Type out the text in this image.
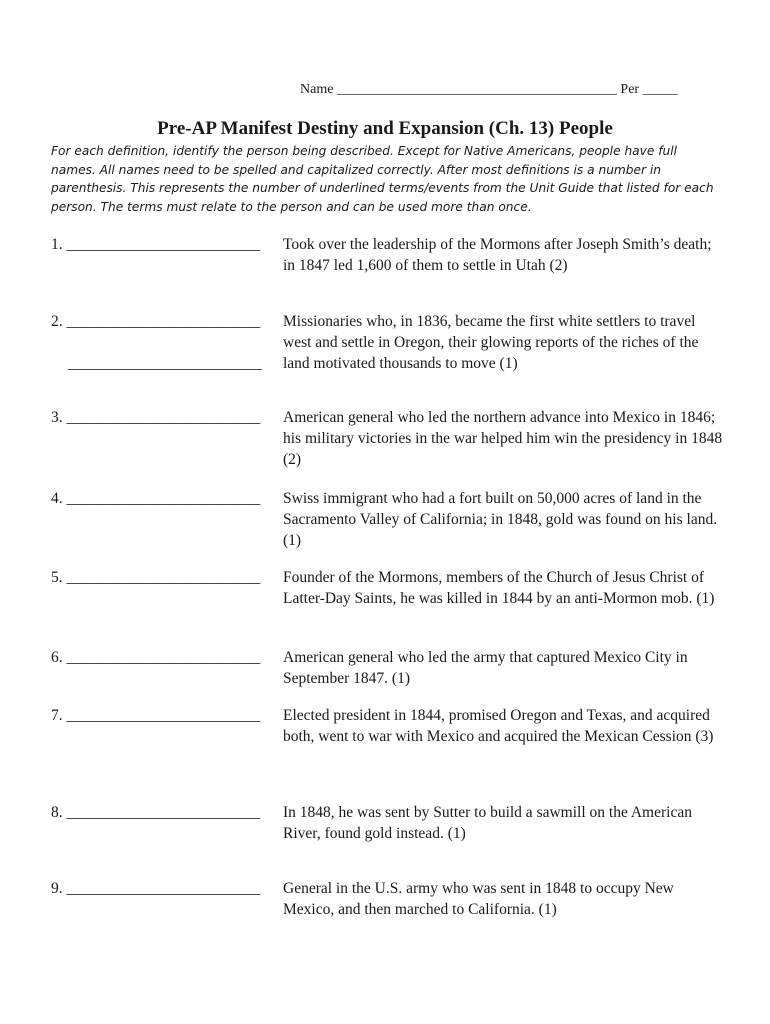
Name ________________________________________ Per _____
Pre-AP Manifest Destiny and Expansion (Ch. 13) People
For each definition, identify the person being described. Except for Native Americans, people have full names. All names need to be spelled and capitalized correctly. After most definitions is a number in parenthesis. This represents the number of underlined terms/events from the Unit Guide that listed for each person. The terms must relate to the person and can be used more than once.
1. _________________________ Took over the leadership of the Mormons after Joseph Smith’s death; in 1847 led 1,600 of them to settle in Utah (2)
2. _________________________
_________________________
Missionaries who, in 1836, became the first white settlers to travel west and settle in Oregon, their glowing reports of the riches of the land motivated thousands to move (1)
3. _________________________ American general who led the northern advance into Mexico in 1846; his military victories in the war helped him win the presidency in 1848 (2)
4. _________________________ Swiss immigrant who had a fort built on 50,000 acres of land in the Sacramento Valley of California; in 1848, gold was found on his land. (1)
5. _________________________ Founder of the Mormons, members of the Church of Jesus Christ of Latter-Day Saints, he was killed in 1844 by an anti-Mormon mob. (1)
6. _________________________ American general who led the army that captured Mexico City in September 1847. (1)
7. _________________________ Elected president in 1844, promised Oregon and Texas, and acquired both, went to war with Mexico and acquired the Mexican Cession (3)
8. _________________________ In 1848, he was sent by Sutter to build a sawmill on the American River, found gold instead. (1)
9. _________________________ General in the U.S. army who was sent in 1848 to occupy New Mexico, and then marched to California. (1)
